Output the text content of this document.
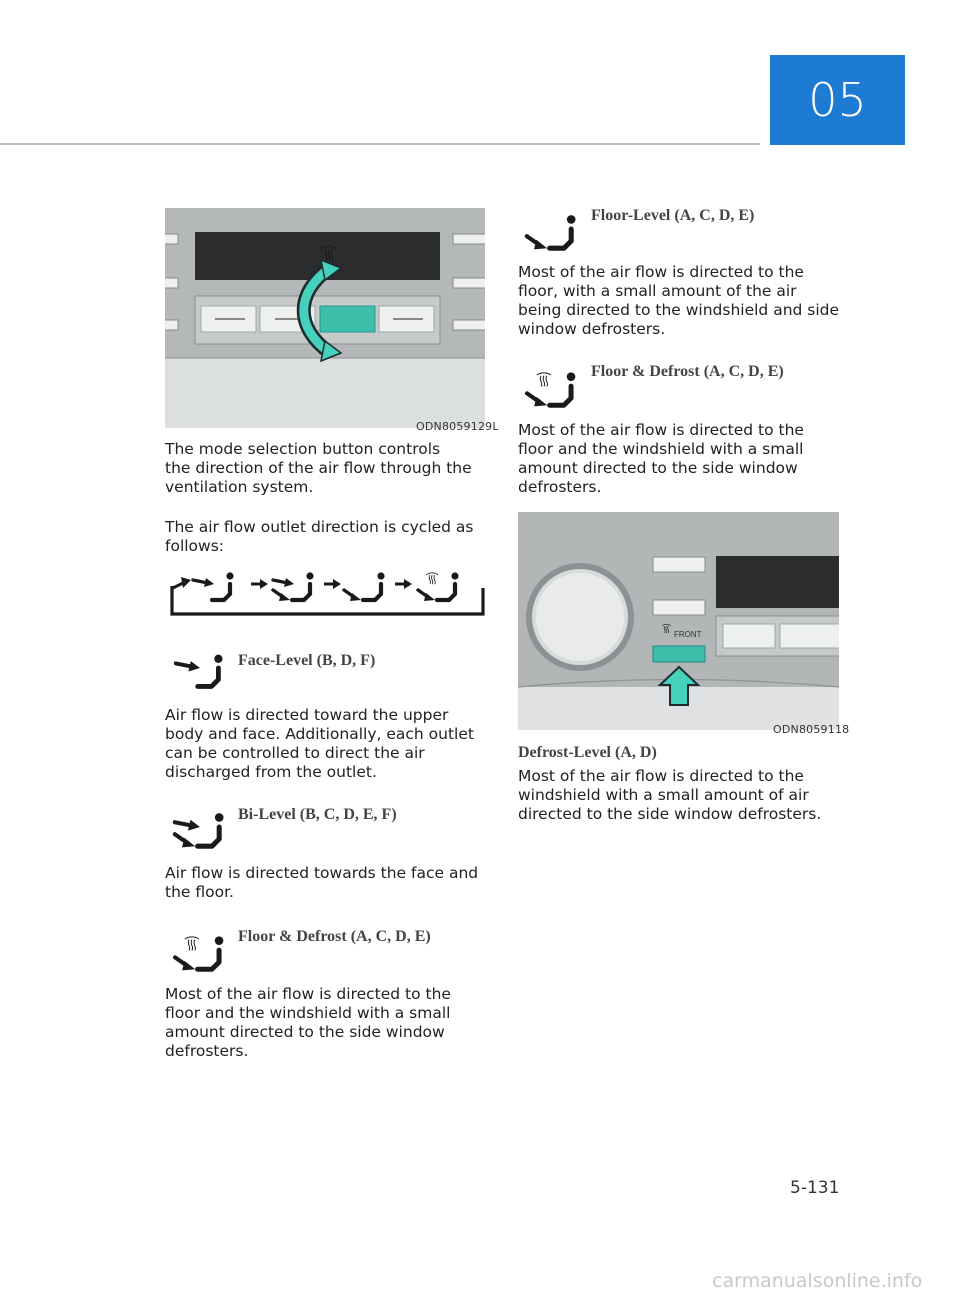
05
ODN8059129L
The mode selection button controls
the direction of the air flow through the
ventilation system.
The air flow outlet direction is cycled as
follows:
Face-Level (B, D, F)
Air flow is directed toward the upper
body and face. Additionally, each outlet
can be controlled to direct the air
discharged from the outlet.
Bi-Level (B, C, D, E, F)
Air flow is directed towards the face and
the floor.
Floor & Defrost (A, C, D, E)
Most of the air flow is directed to the
floor and the windshield with a small
amount directed to the side window
defrosters.
Floor-Level (A, C, D, E)
Most of the air flow is directed to the
floor, with a small amount of the air
being directed to the windshield and side
window defrosters.
Floor & Defrost (A, C, D, E)
Most of the air flow is directed to the
floor and the windshield with a small
amount directed to the side window
defrosters.
FRONT
ODN8059118
Defrost-Level (A, D)
Most of the air flow is directed to the
windshield with a small amount of air
directed to the side window defrosters.
5-131
carmanualsonline.info
